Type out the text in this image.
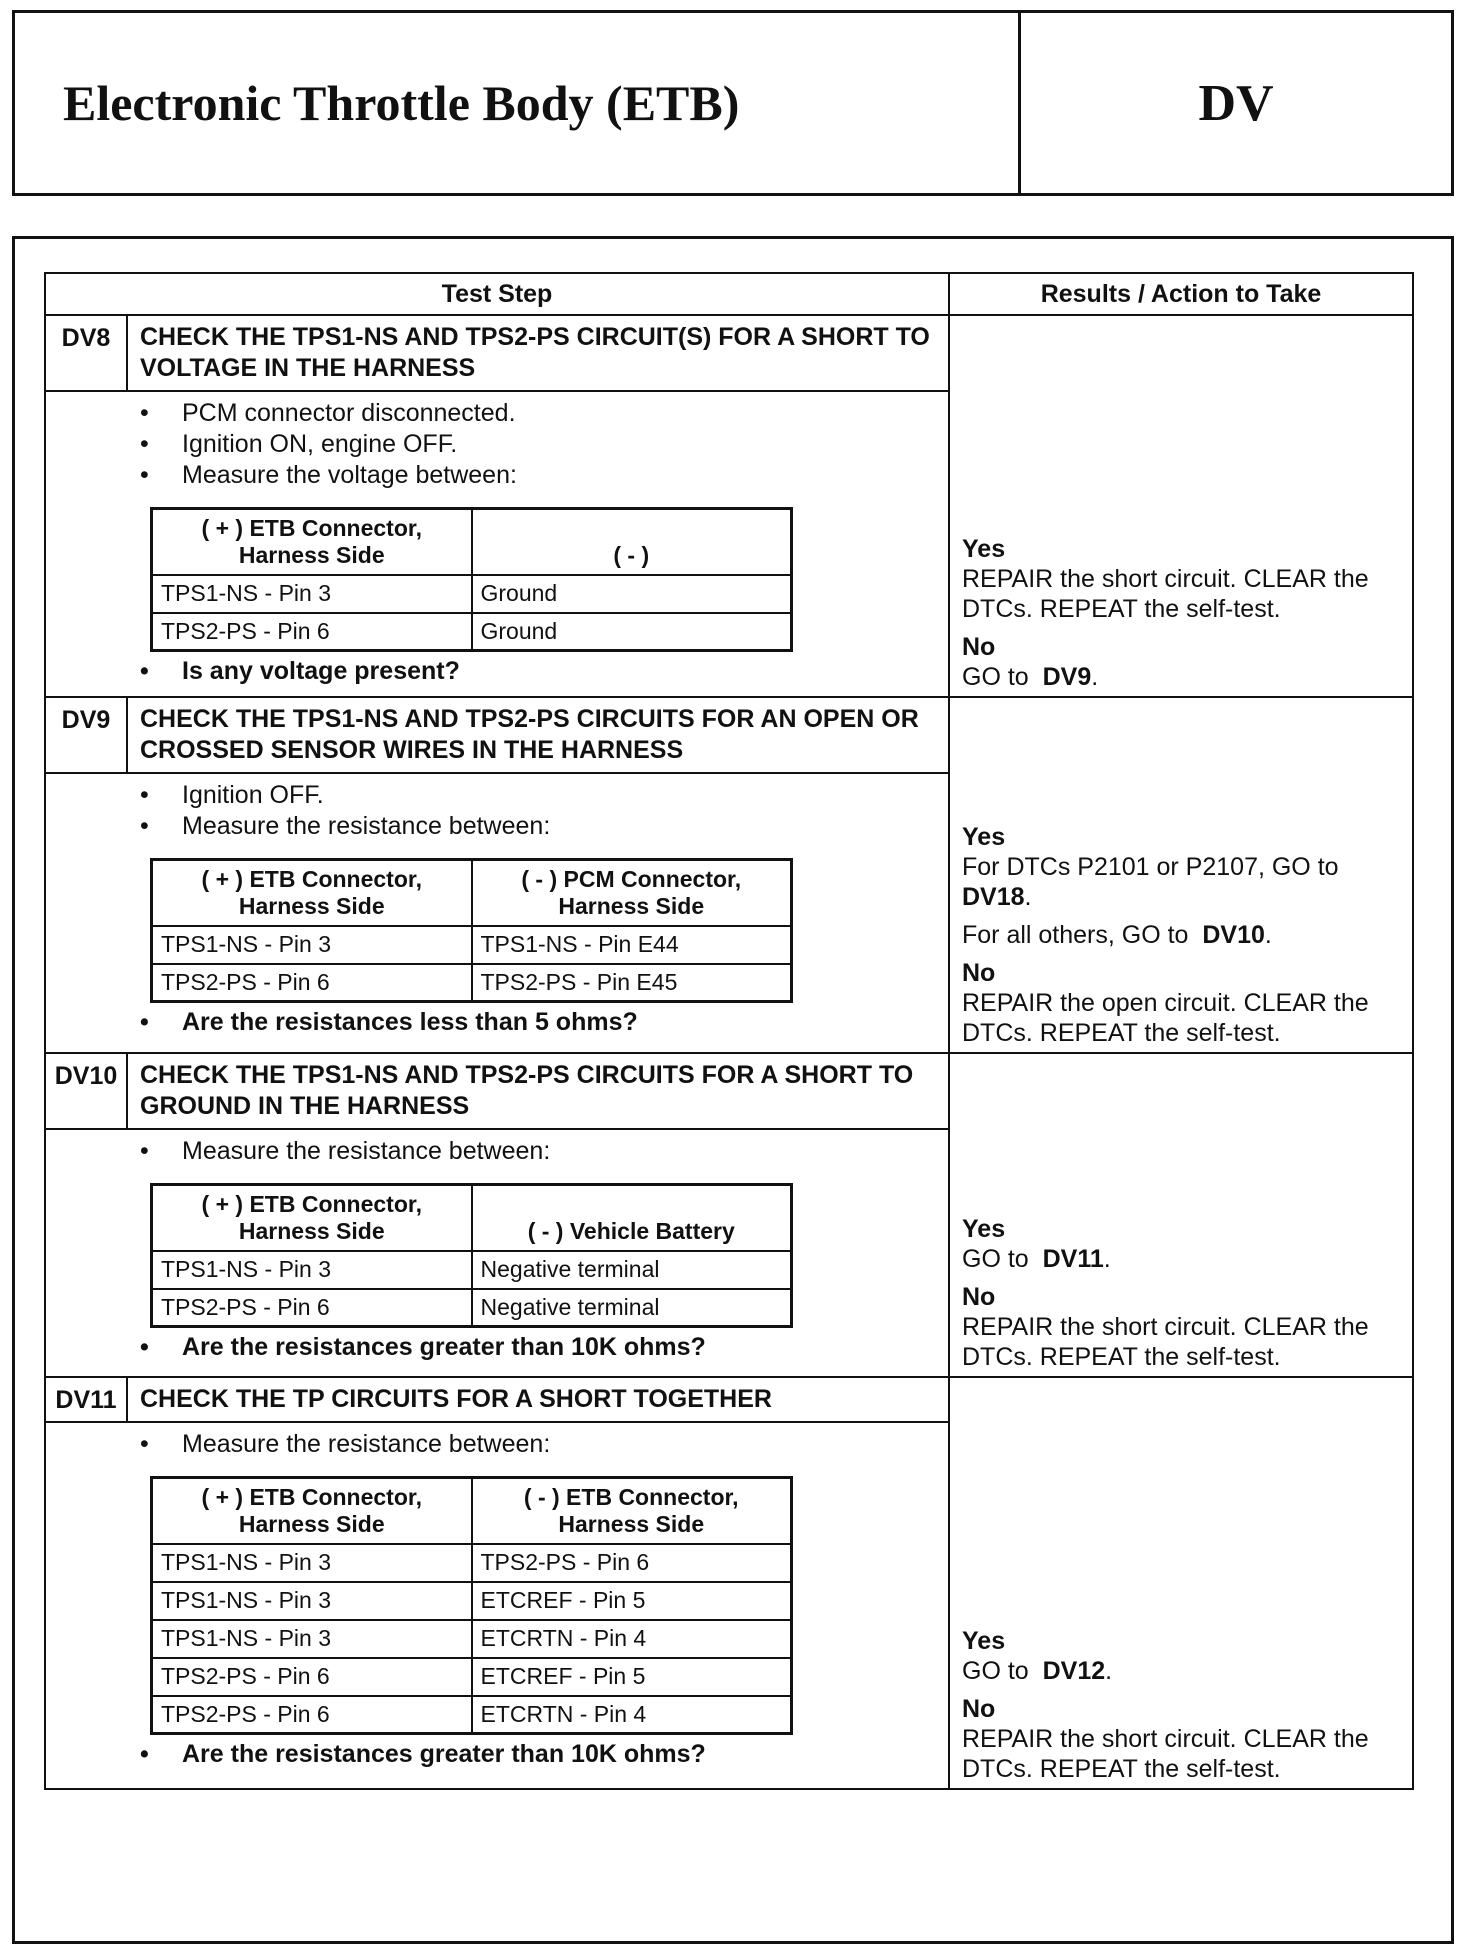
Electronic Throttle Body (ETB)	DV
Test Step	Results / Action to Take
DV8	CHECK THE TPS1-NS AND TPS2-PS CIRCUIT(S) FOR A SHORT TO VOLTAGE IN THE HARNESS
• PCM connector disconnected.
• Ignition ON, engine OFF.
• Measure the voltage between:
( + ) ETB Connector, Harness Side	( - )
TPS1-NS - Pin 3	Ground
TPS2-PS - Pin 6	Ground
• Is any voltage present?
Yes
REPAIR the short circuit. CLEAR the DTCs. REPEAT the self-test.
No
GO to DV9.
DV9	CHECK THE TPS1-NS AND TPS2-PS CIRCUITS FOR AN OPEN OR CROSSED SENSOR WIRES IN THE HARNESS
• Ignition OFF.
• Measure the resistance between:
( + ) ETB Connector, Harness Side	( - ) PCM Connector, Harness Side
TPS1-NS - Pin 3	TPS1-NS - Pin E44
TPS2-PS - Pin 6	TPS2-PS - Pin E45
• Are the resistances less than 5 ohms?
Yes
For DTCs P2101 or P2107, GO to DV18.
For all others, GO to DV10.
No
REPAIR the open circuit. CLEAR the DTCs. REPEAT the self-test.
DV10 CHECK THE TPS1-NS AND TPS2-PS CIRCUITS FOR A SHORT TO GROUND IN THE HARNESS
• Measure the resistance between:
( + ) ETB Connector, Harness Side	( - ) Vehicle Battery
TPS1-NS - Pin 3	Negative terminal
TPS2-PS - Pin 6	Negative terminal
• Are the resistances greater than 10K ohms?
Yes
GO to DV11.
No
REPAIR the short circuit. CLEAR the DTCs. REPEAT the self-test.
DV11 CHECK THE TP CIRCUITS FOR A SHORT TOGETHER
• Measure the resistance between:
( + ) ETB Connector, Harness Side	( - ) ETB Connector, Harness Side
TPS1-NS - Pin 3	TPS2-PS - Pin 6
TPS1-NS - Pin 3	ETCREF - Pin 5
TPS1-NS - Pin 3	ETCRTN - Pin 4
TPS2-PS - Pin 6	ETCREF - Pin 5
TPS2-PS - Pin 6	ETCRTN - Pin 4
• Are the resistances greater than 10K ohms?
Yes
GO to DV12.
No
REPAIR the short circuit. CLEAR the DTCs. REPEAT the self-test.
